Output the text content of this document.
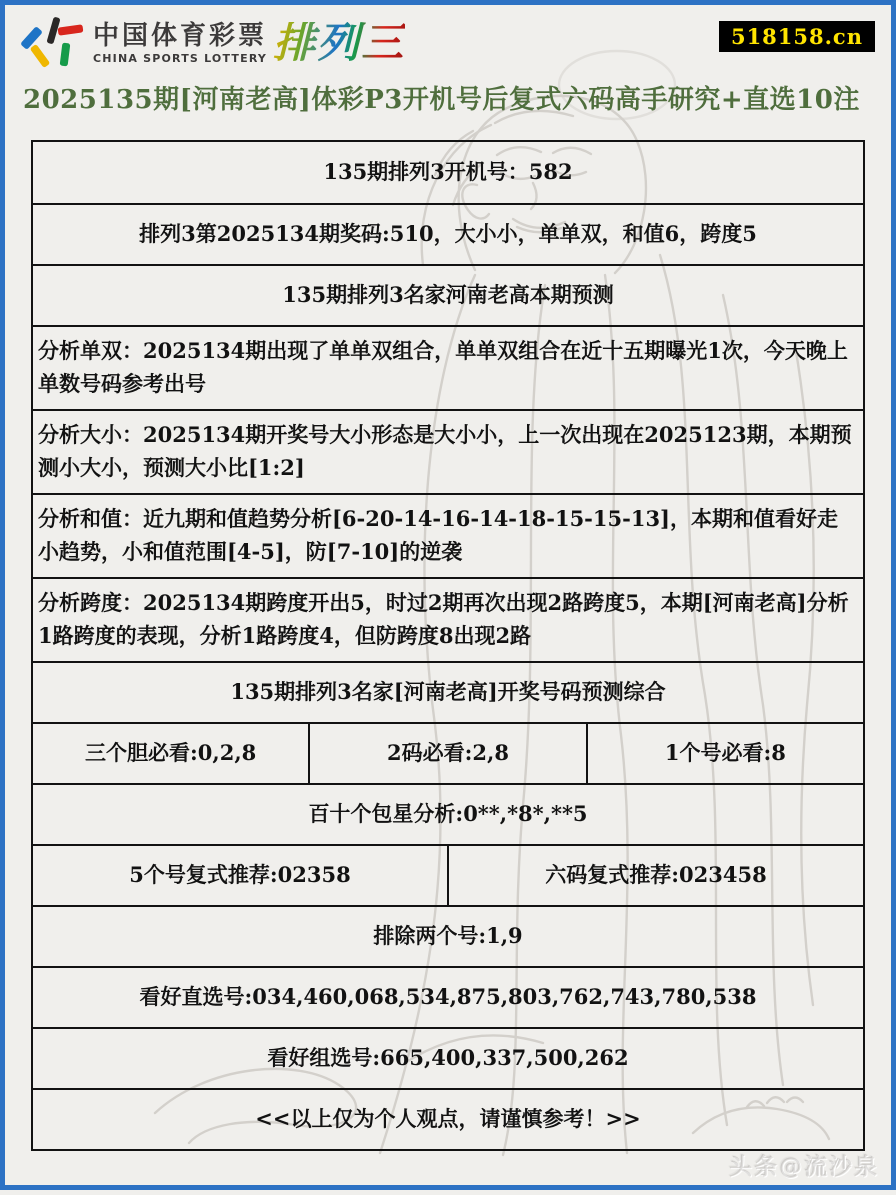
中国体育彩票
CHINA SPORTS LOTTERY 排列三	518158.cn
2025135期[河南老高]体彩P3开机号后复式六码高手研究+直选10注
135期排列3开机号：582
排列3第2025134期奖码:510，大小小，单单双，和值6，跨度5
135期排列3名家河南老高本期预测
分析单双：2025134期出现了单单双组合，单单双组合在近十五期曝光1次，今天晚上单数号码参考出号
分析大小：2025134期开奖号大小形态是大小小，上一次出现在2025123期，本期预测小大小，预测大小比[1:2]
分析和值：近九期和值趋势分析[6-20-14-16-14-18-15-15-13]，本期和值看好走小趋势，小和值范围[4-5]，防[7-10]的逆袭
分析跨度：2025134期跨度开出5，时过2期再次出现2路跨度5，本期[河南老高]分析1路跨度的表现，分析1路跨度4，但防跨度8出现2路
135期排列3名家[河南老高]开奖号码预测综合
三个胆必看:0,2,8	2码必看:2,8	1个号必看:8
百十个包星分析:0**,*8*,**5
5个号复式推荐:02358	六码复式推荐:023458
排除两个号:1,9
看好直选号:034,460,068,534,875,803,762,743,780,538
看好组选号:665,400,337,500,262
<<以上仅为个人观点，请谨慎参考！>>
头条@流沙泉
